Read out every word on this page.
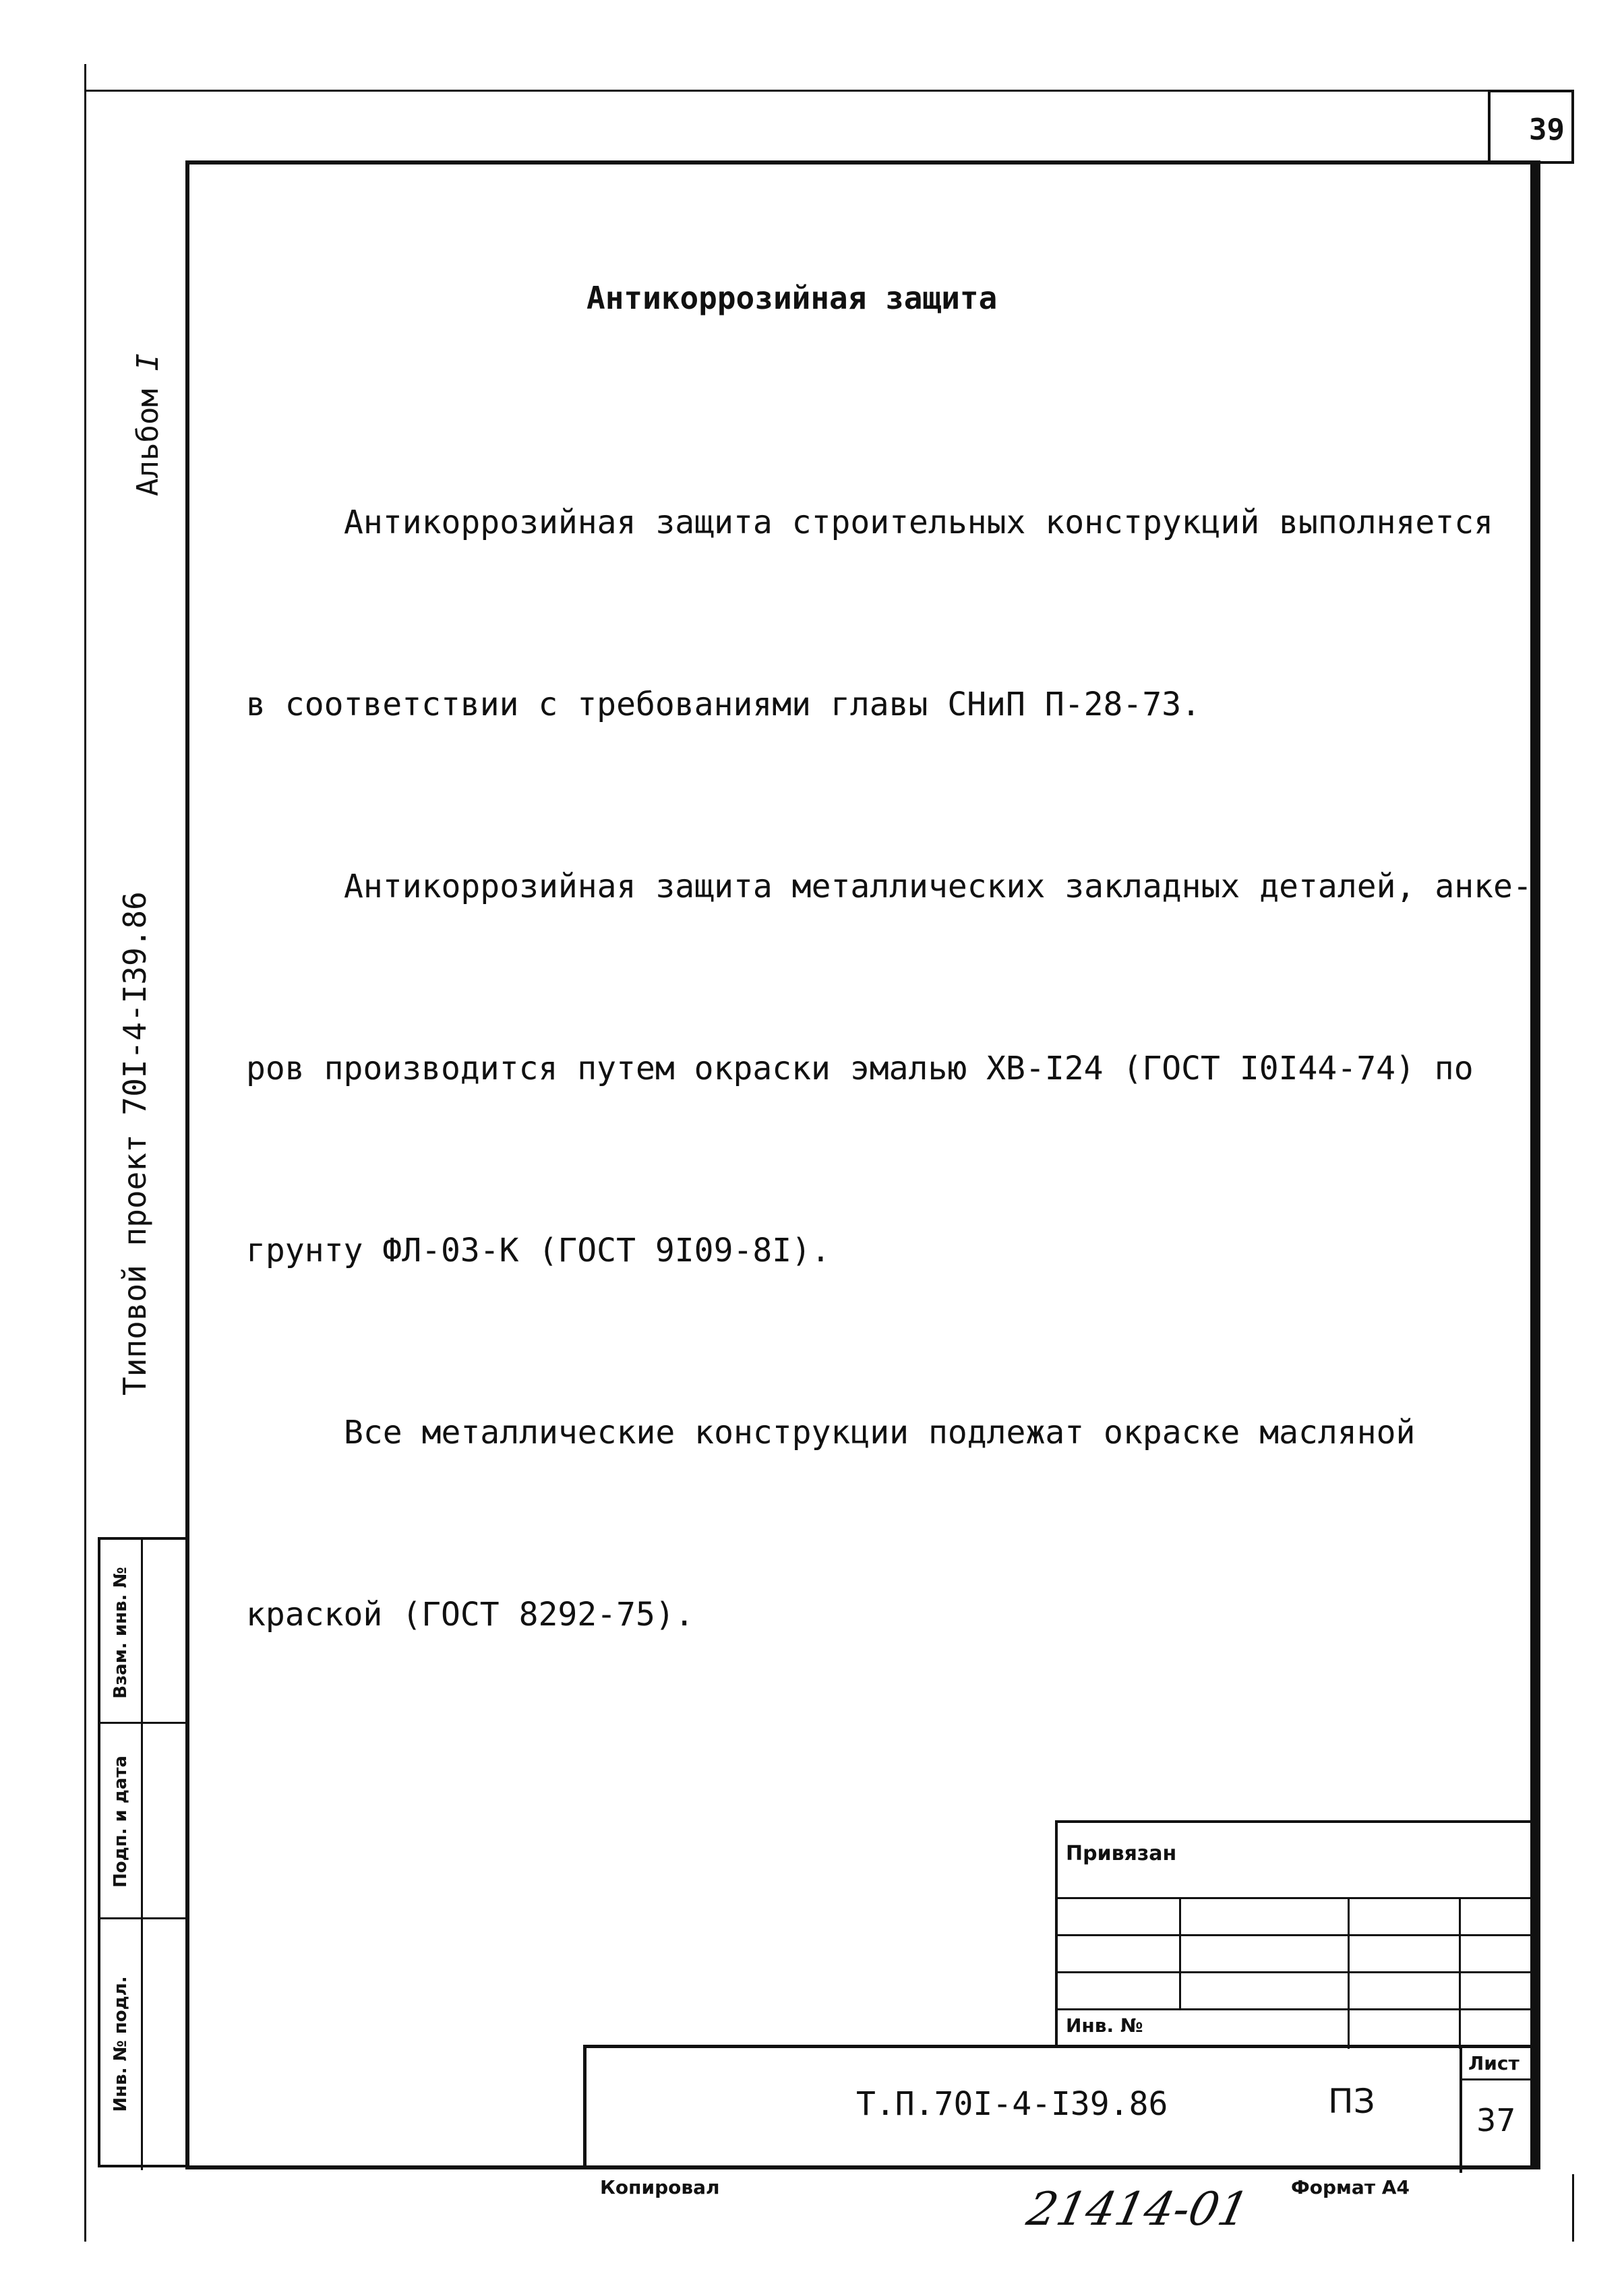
39
Альбом I
Типовой проект 70I-4-I39.86
Взам. инв. №
Подп. и дата
Инв. № подл.
Антикоррозийная защита

Антикоррозийная защита строительных конструкций выполняется

в соответствии с требованиями главы СНиП П-28-73.

Антикоррозийная защита металлических закладных деталей, анке-

ров производится путем окраски эмалью ХВ-I24 (ГОСТ I0I44-74) по

грунту ФЛ-03-К (ГОСТ 9I09-8I).

Все металлические конструкции подлежат окраске масляной

краской (ГОСТ 8292-75).

Привязан
Инв. №
Т.П.70I-4-I39.86	ПЗ
Лист
37
Копировал	Формат А4
21414-01
